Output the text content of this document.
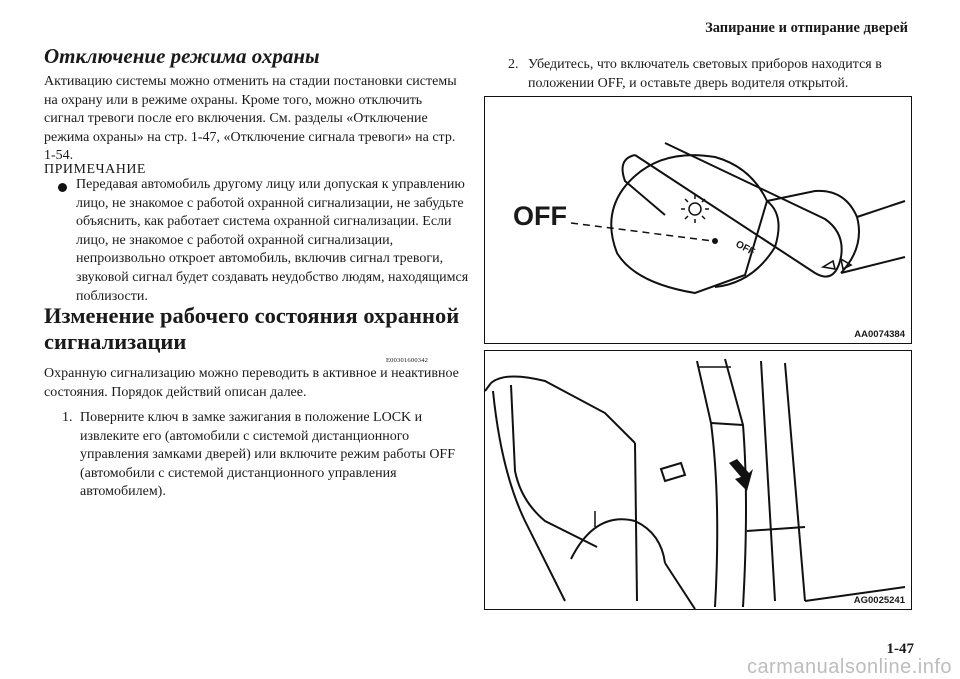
Запирание и отпирание дверей
Отключение режима охраны
Активацию системы можно отменить на стадии постановки системы на охрану или в режиме охраны. Кроме того, можно отключить сигнал тревоги после его включения. См. разделы «Отключение режима охраны» на стр. 1-47, «Отключение сигнала тревоги» на стр. 1-54.
ПРИМЕЧАНИЕ
Передавая автомобиль другому лицу или допуская к управлению лицо, не знакомое с работой охранной сигнализации, не забудьте объяснить, как работает система охранной сигнализации. Если лицо, не знакомое с работой охранной сигнализации, непроизвольно откроет автомобиль, включив сигнал тревоги, звуковой сигнал будет создавать неудобство людям, находящимся поблизости.
Изменение рабочего состояния охранной сигнализации
E00301600342
Охранную сигнализацию можно переводить в активное и неактивное состояния. Порядок действий описан далее.
1. Поверните ключ в замке зажигания в положение LOCK и извлеките его (автомобили с системой дистанционного управления замками дверей) или включите режим работы OFF (автомобили с системой дистанционного управления автомобилем).
2. Убедитесь, что включатель световых приборов находится в положении OFF, и оставьте дверь водителя открытой.
OFF
OFF
AA0074384
AG0025241
1-47
carmanualsonline.info
